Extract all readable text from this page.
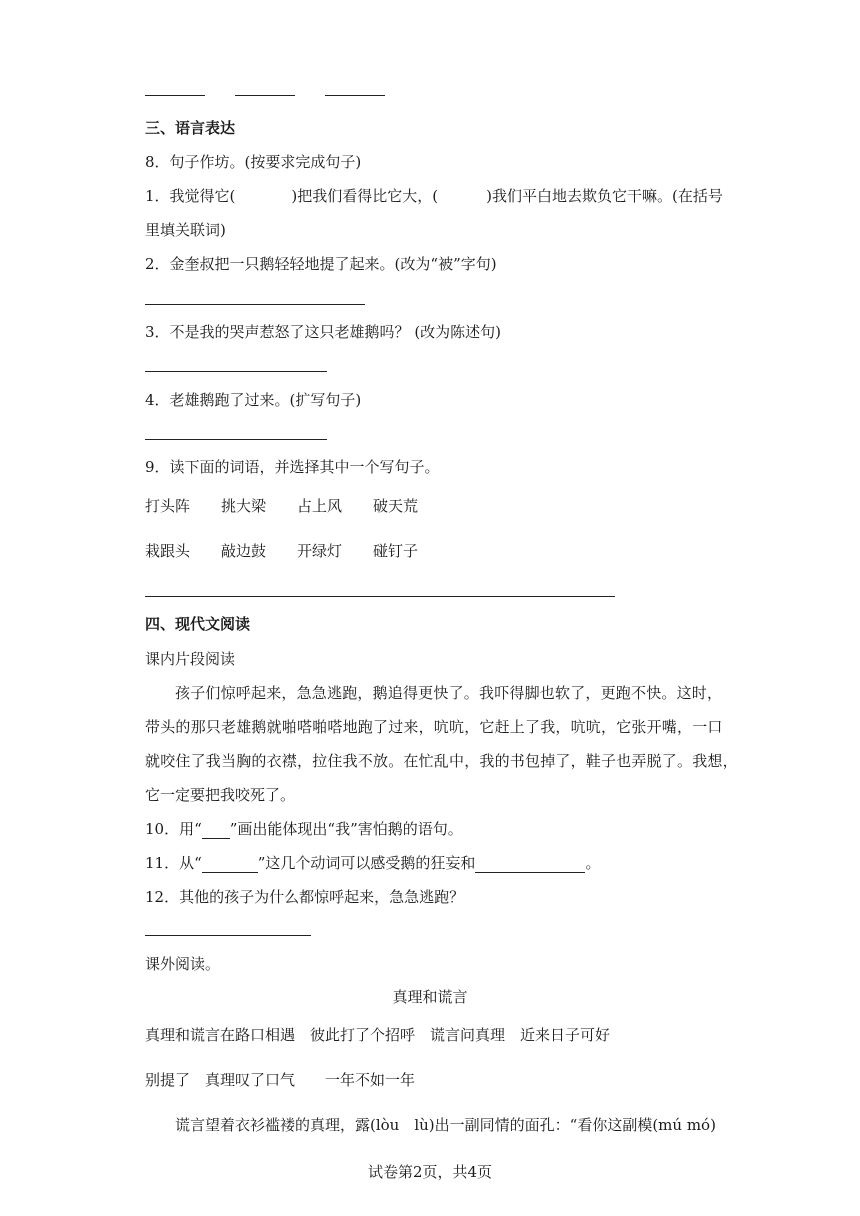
三、语言表达
8．句子作坊。(按要求完成句子)
1．我觉得它(	)把我们看得比它大，(	)我们平白地去欺负它干嘛。(在括号
里填关联词)
2．金奎叔把一只鹅轻轻地提了起来。(改为“被”字句)
3．不是我的哭声惹怒了这只老雄鹅吗？ (改为陈述句)
4．老雄鹅跑了过来。(扩写句子)
9．读下面的词语，并选择其中一个写句子。
打头阵 挑大梁 占上风 破天荒
栽跟头 敲边鼓 开绿灯 碰钉子
四、现代文阅读
课内片段阅读
孩子们惊呼起来，急急逃跑，鹅追得更快了。我吓得脚也软了，更跑不快。这时，
带头的那只老雄鹅就啪嗒啪嗒地跑了过来，吭吭，它赶上了我，吭吭，它张开嘴，一口
就咬住了我当胸的衣襟，拉住我不放。在忙乱中，我的书包掉了，鞋子也弄脱了。我想，
它一定要把我咬死了。
10．用“ ”画出能体现出“我”害怕鹅的语句。
11．从“	”这几个动词可以感受鹅的狂妄和	。
12．其他的孩子为什么都惊呼起来，急急逃跑？
课外阅读。
真理和谎言
真理和谎言在路口相遇　彼此打了个招呼　谎言问真理　近来日子可好
别提了　真理叹了口气　　一年不如一年
谎言望着衣衫褴褛的真理，露(lòu　lù)出一副同情的面孔：“看你这副模(mú mó)
试卷第2页，共4页
